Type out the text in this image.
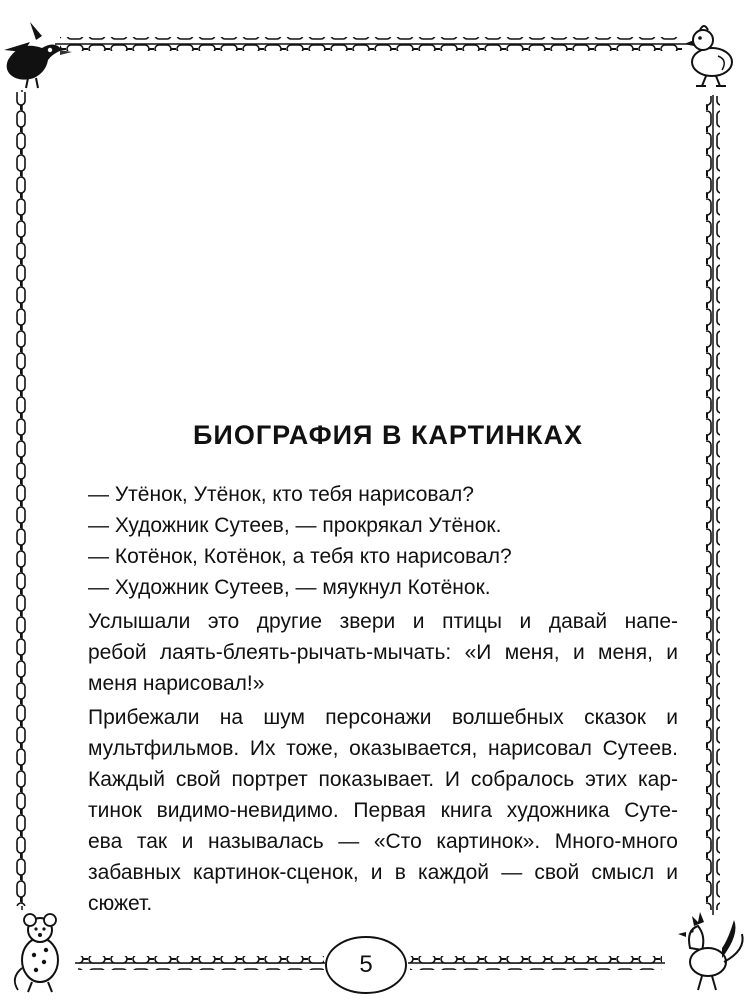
БИОГРАФИЯ В КАРТИНКАХ

— Утёнок, Утёнок, кто тебя нарисовал?

— Художник Сутеев, — прокрякал Утёнок.

— Котёнок, Котёнок, а тебя кто нарисовал?

— Художник Сутеев, — мяукнул Котёнок.

Услышали это другие звери и птицы и давай напе-
ребой лаять-блеять-рычать-мычать: «И меня, и меня, и
меня нарисовал!»
Прибежали на шум персонажи волшебных сказок и
мультфильмов. Их тоже, оказывается, нарисовал Сутеев.
Каждый свой портрет показывает. И собралось этих кар-
тинок видимо-невидимо. Первая книга художника Суте-
ева так и называлась — «Сто картинок». Много-много
забавных картинок-сценок, и в каждой — свой смысл и
сюжет.
5
